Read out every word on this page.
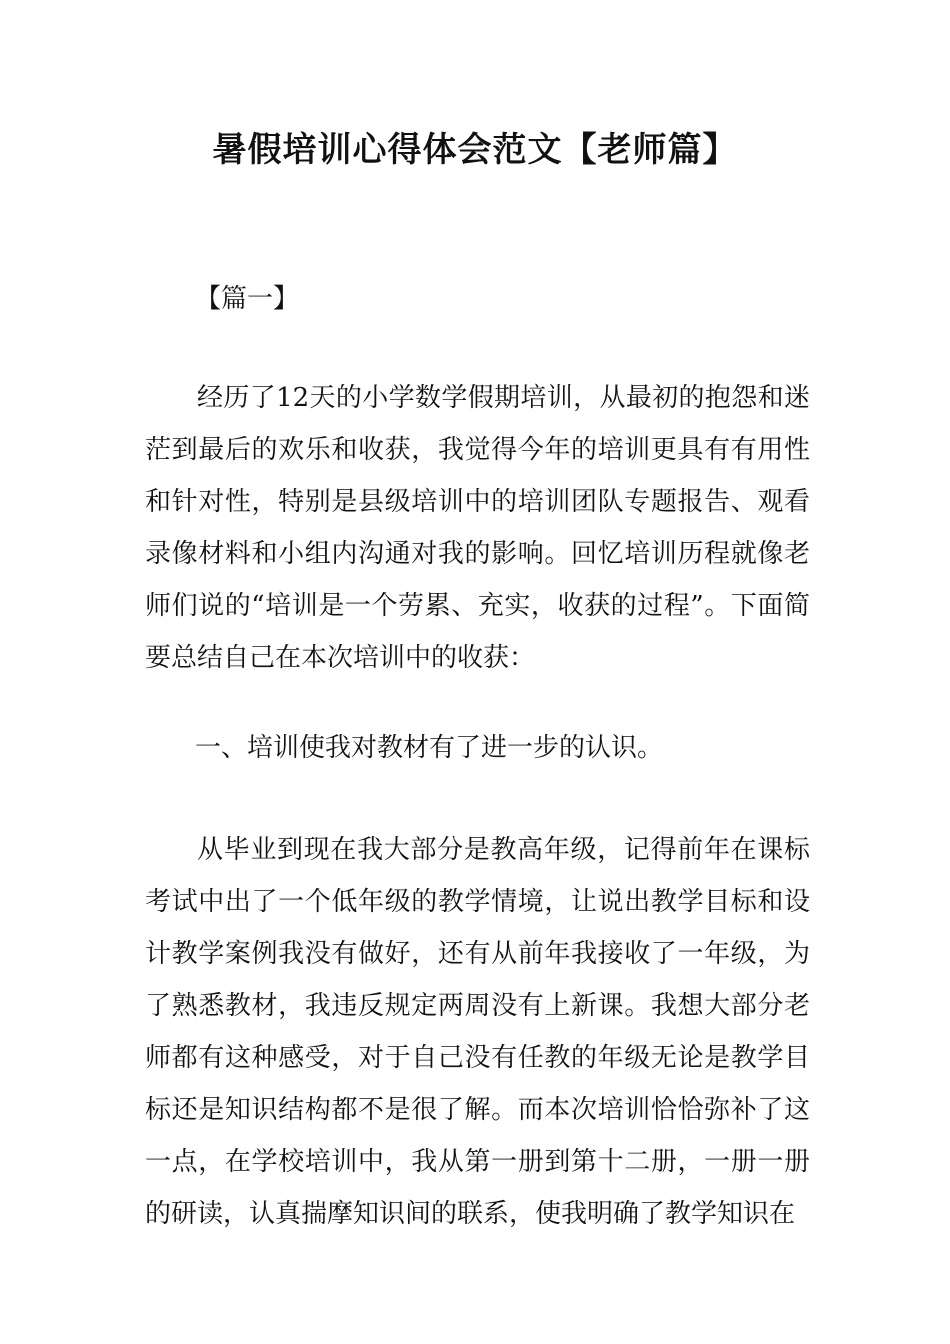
暑假培训心得体会范文【老师篇】

【篇一】

经历了12天的小学数学假期培训，从最初的抱怨和迷茫到最后的欢乐和收获，我觉得今年的培训更具有有用性和针对性，特别是县级培训中的培训团队专题报告、观看录像材料和小组内沟通对我的影响。回忆培训历程就像老师们说的“培训是一个劳累、充实，收获的过程”。下面简要总结自己在本次培训中的收获：

一、培训使我对教材有了进一步的认识。

从毕业到现在我大部分是教高年级，记得前年在课标考试中出了一个低年级的教学情境，让说出教学目标和设计教学案例我没有做好，还有从前年我接收了一年级，为了熟悉教材，我违反规定两周没有上新课。我想大部分老师都有这种感受，对于自己没有任教的年级无论是教学目标还是知识结构都不是很了解。而本次培训恰恰弥补了这一点，在学校培训中，我从第一册到第十二册，一册一册的研读，认真揣摩知识间的联系，使我明确了教学知识在
